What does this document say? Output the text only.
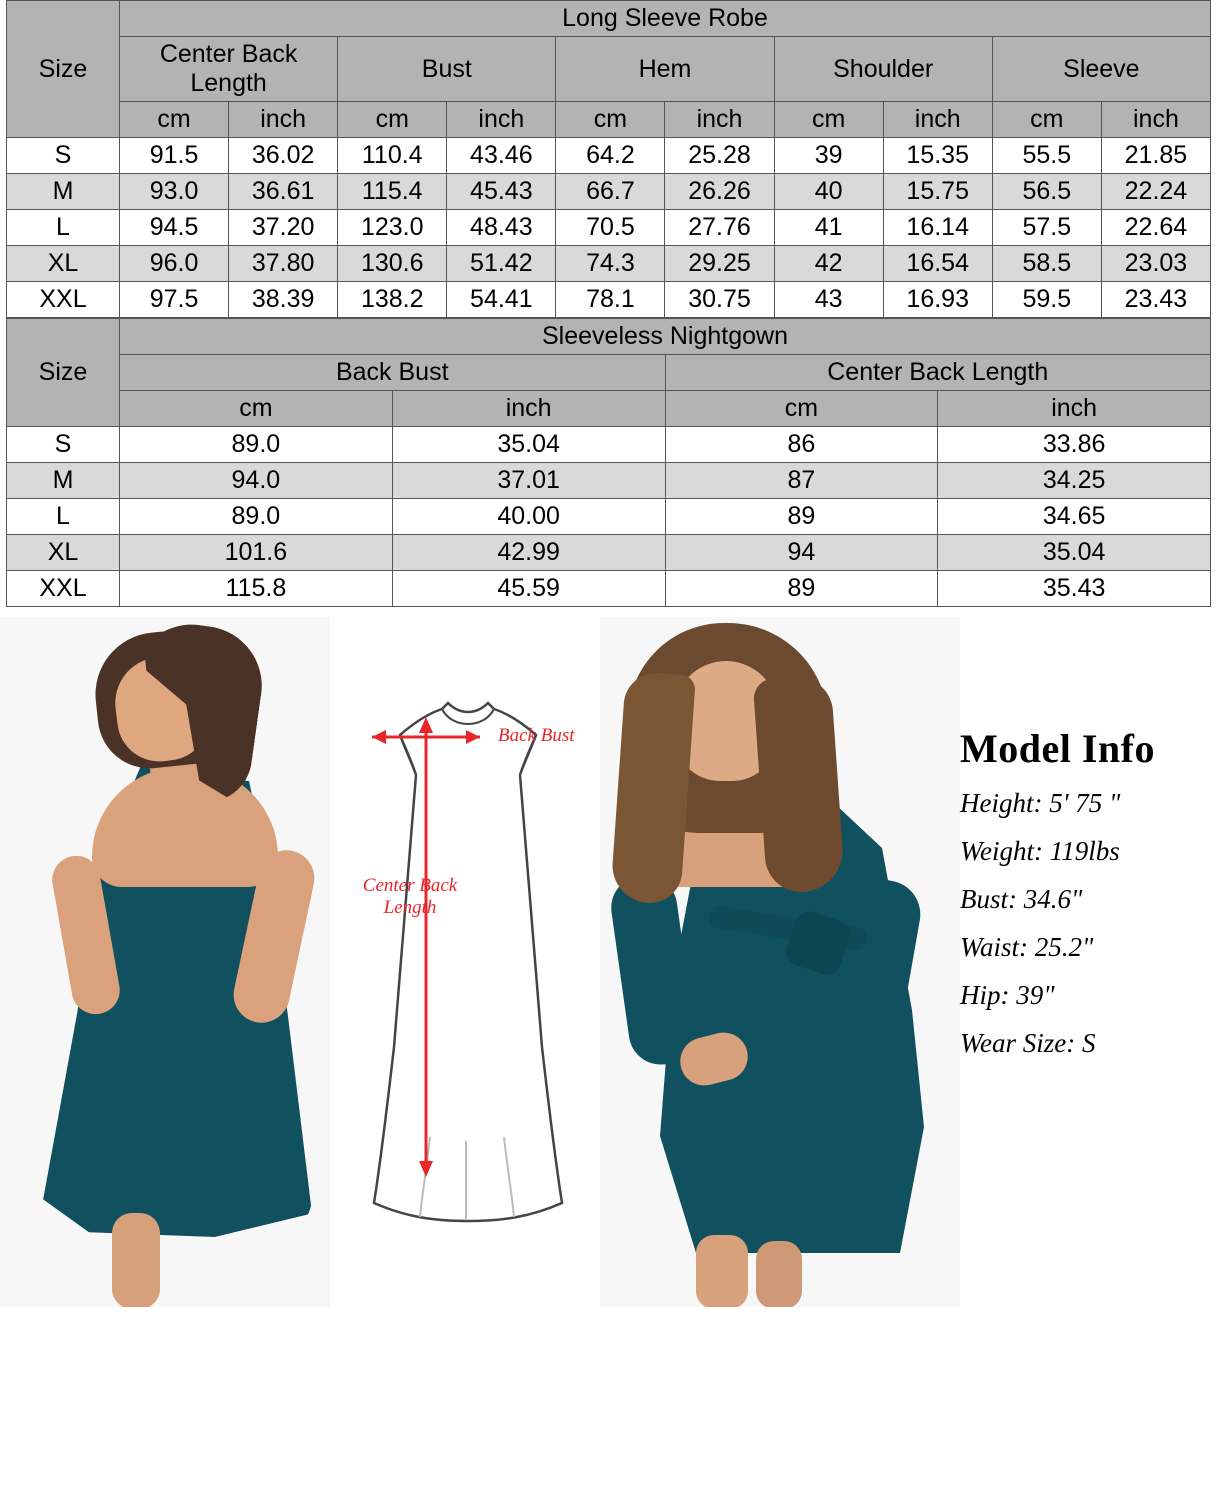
Size	Long Sleeve Robe									
	Center Back Length		Bust		Hem		Shoulder		Sleeve	
	cm	inch	cm	inch	cm	inch	cm	inch	cm	inch
S	91.5	36.02	110.4	43.46	64.2	25.28	39	15.35	55.5	21.85
M	93.0	36.61	115.4	45.43	66.7	26.26	40	15.75	56.5	22.24
L	94.5	37.20	123.0	48.43	70.5	27.76	41	16.14	57.5	22.64
XL	96.0	37.80	130.6	51.42	74.3	29.25	42	16.54	58.5	23.03
XXL	97.5	38.39	138.2	54.41	78.1	30.75	43	16.93	59.5	23.43
Size	Sleeveless Nightgown			
	Back Bust		Center Back Length	
	cm	inch	cm	inch
S	89.0	35.04	86	33.86
M	94.0	37.01	87	34.25
L	89.0	40.00	89	34.65
XL	101.6	42.99	94	35.04
XXL	115.8	45.59	89	35.43
Back Bust
Center Back
Length
Model Info
Height: 5' 75 "
Weight: 119lbs
Bust: 34.6"
Waist: 25.2"
Hip: 39"
Wear Size: S
